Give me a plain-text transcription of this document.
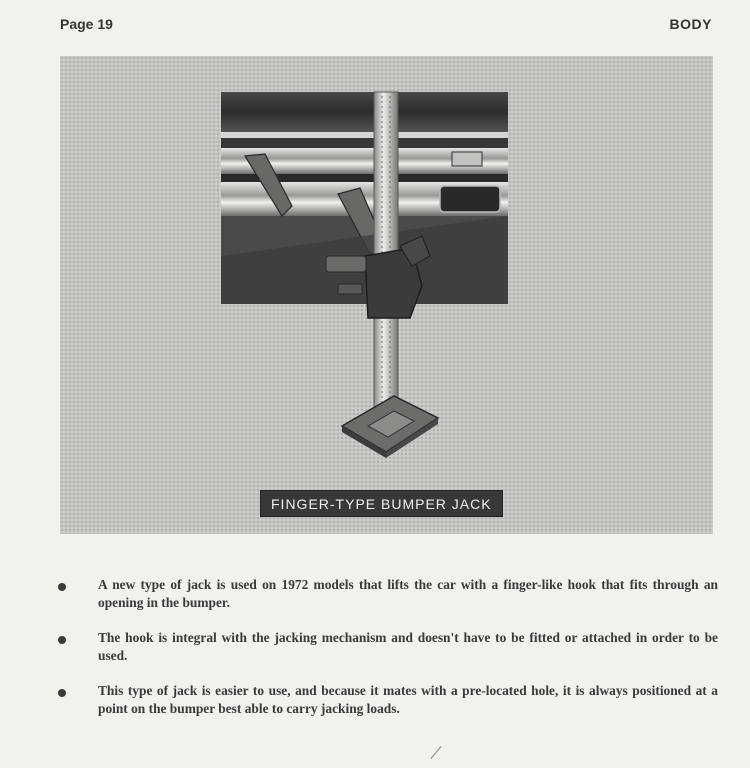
Page 19	BODY
FINGER-TYPE BUMPER JACK
A new type of jack is used on 1972 models that lifts the car with a finger-like hook that fits through an opening in the bumper.
The hook is integral with the jacking mechanism and doesn't have to be fitted or attached in order to be used.
This type of jack is easier to use, and because it mates with a pre-located hole, it is always positioned at a point on the bumper best able to carry jacking loads.
